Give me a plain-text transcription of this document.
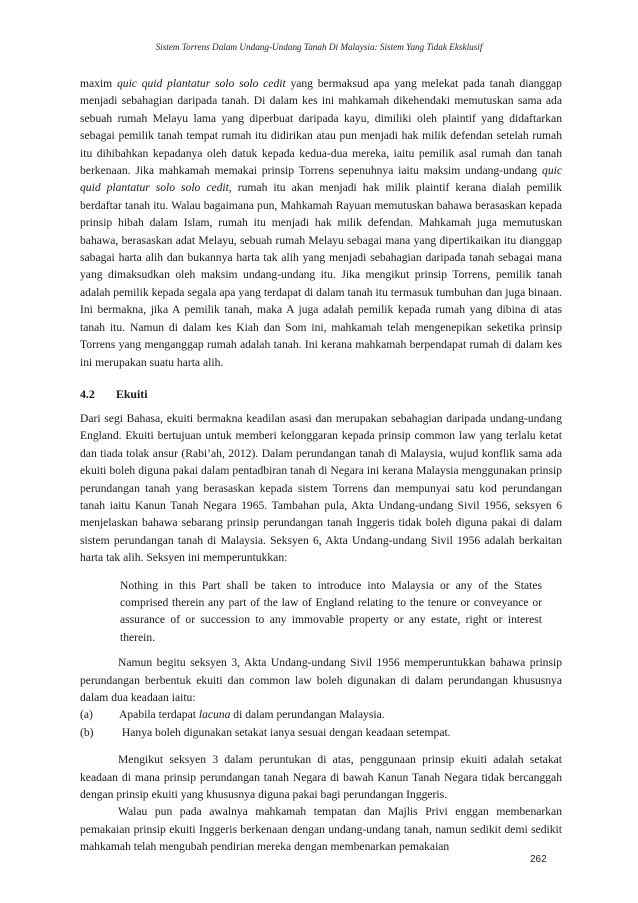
Sistem Torrens Dalam Undang-Undang Tanah Di Malaysia: Sistem Yang Tidak Eksklusif

maxim quic quid plantatur solo solo cedit yang bermaksud apa yang melekat pada tanah dianggap menjadi sebahagian daripada tanah. Di dalam kes ini mahkamah dikehendaki memutuskan sama ada sebuah rumah Melayu lama yang diperbuat daripada kayu, dimiliki oleh plaintif yang didaftarkan sebagai pemilik tanah tempat rumah itu didirikan atau pun menjadi hak milik defendan setelah rumah itu dihibahkan kepadanya oleh datuk kepada kedua-dua mereka, iaitu pemilik asal rumah dan tanah berkenaan. Jika mahkamah memakai prinsip Torrens sepenuhnya iaitu maksim undang-undang quic quid plantatur solo solo cedit, rumah itu akan menjadi hak milik plaintif kerana dialah pemilik berdaftar tanah itu. Walau bagaimana pun, Mahkamah Rayuan memutuskan bahawa berasaskan kepada prinsip hibah dalam Islam, rumah itu menjadi hak milik defendan. Mahkamah juga memutuskan bahawa, berasaskan adat Melayu, sebuah rumah Melayu sebagai mana yang dipertikaikan itu dianggap sabagai harta alih dan bukannya harta tak alih yang menjadi sebahagian daripada tanah sebagai mana yang dimaksudkan oleh maksim undang-undang itu. Jika mengikut prinsip Torrens, pemilik tanah adalah pemilik kepada segala apa yang terdapat di dalam tanah itu termasuk tumbuhan dan juga binaan. Ini bermakna, jika A pemilik tanah, maka A juga adalah pemilik kepada rumah yang dibina di atas tanah itu. Namun di dalam kes Kiah dan Som ini, mahkamah telah mengenepikan seketika prinsip Torrens yang menganggap rumah adalah tanah. Ini kerana mahkamah berpendapat rumah di dalam kes ini merupakan suatu harta alih.

4.2 Ekuiti

Dari segi Bahasa, ekuiti bermakna keadilan asasi dan merupakan sebahagian daripada undang-undang England. Ekuiti bertujuan untuk memberi kelonggaran kepada prinsip common law yang terlalu ketat dan tiada tolak ansur (Rabi’ah, 2012). Dalam perundangan tanah di Malaysia, wujud konflik sama ada ekuiti boleh diguna pakai dalam pentadbiran tanah di Negara ini kerana Malaysia menggunakan prinsip perundangan tanah yang berasaskan kepada sistem Torrens dan mempunyai satu kod perundangan tanah iaitu Kanun Tanah Negara 1965. Tambahan pula, Akta Undang-undang Sivil 1956, seksyen 6 menjelaskan bahawa sebarang prinsip perundangan tanah Inggeris tidak boleh diguna pakai di dalam sistem perundangan tanah di Malaysia. Seksyen 6, Akta Undang-undang Sivil 1956 adalah berkaitan harta tak alih. Seksyen ini memperuntukkan:

Nothing in this Part shall be taken to introduce into Malaysia or any of the States comprised therein any part of the law of England relating to the tenure or conveyance or assurance of or succession to any immovable property or any estate, right or interest therein.

Namun begitu seksyen 3, Akta Undang-undang Sivil 1956 memperuntukkan bahawa prinsip perundangan berbentuk ekuiti dan common law boleh digunakan di dalam perundangan khususnya dalam dua keadaan iaitu:

(a)	Apabila terdapat lacuna di dalam perundangan Malaysia.
(b)	Hanya boleh digunakan setakat ianya sesuai dengan keadaan setempat.

Mengikut seksyen 3 dalam peruntukan di atas, penggunaan prinsip ekuiti adalah setakat keadaan di mana prinsip perundangan tanah Negara di bawah Kanun Tanah Negara tidak bercanggah dengan prinsip ekuiti yang khususnya diguna pakai bagi perundangan Inggeris.

Walau pun pada awalnya mahkamah tempatan dan Majlis Privi enggan membenarkan pemakaian prinsip ekuiti Inggeris berkenaan dengan undang-undang tanah, namun sedikit demi sedikit mahkamah telah mengubah pendirian mereka dengan membenarkan pemakaian

262
